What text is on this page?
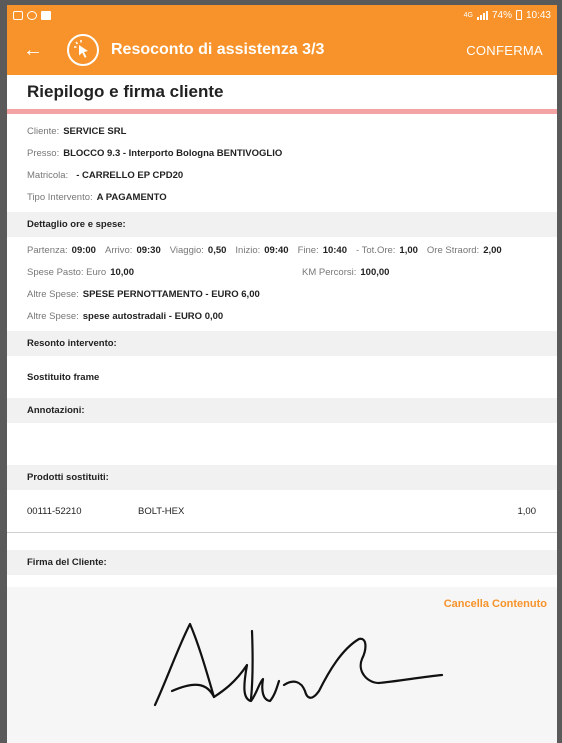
4G 74% 10:43
←	Resoconto di assistenza 3/3	CONFERMA
Riepilogo e firma cliente
Cliente: SERVICE SRL
Presso: BLOCCO 9.3 - Interporto Bologna BENTIVOGLIO
Matricola: - CARRELLO EP CPD20
Tipo Intervento: A PAGAMENTO
Dettaglio ore e spese:
Partenza: 09:00 Arrivo: 09:30 Viaggio: 0,50 Inizio: 09:40 Fine: 10:40 - Tot.Ore: 1,00 Ore Straord: 2,00
Spese Pasto: Euro 10,00	KM Percorsi: 100,00
Altre Spese: SPESE PERNOTTAMENTO - EURO 6,00
Altre Spese: spese autostradali - EURO 0,00
Resonto intervento:
Sostituito frame
Annotazioni:
Prodotti sostituiti:
00111-52210	BOLT-HEX	1,00
Firma del Cliente:
Cancella Contenuto
